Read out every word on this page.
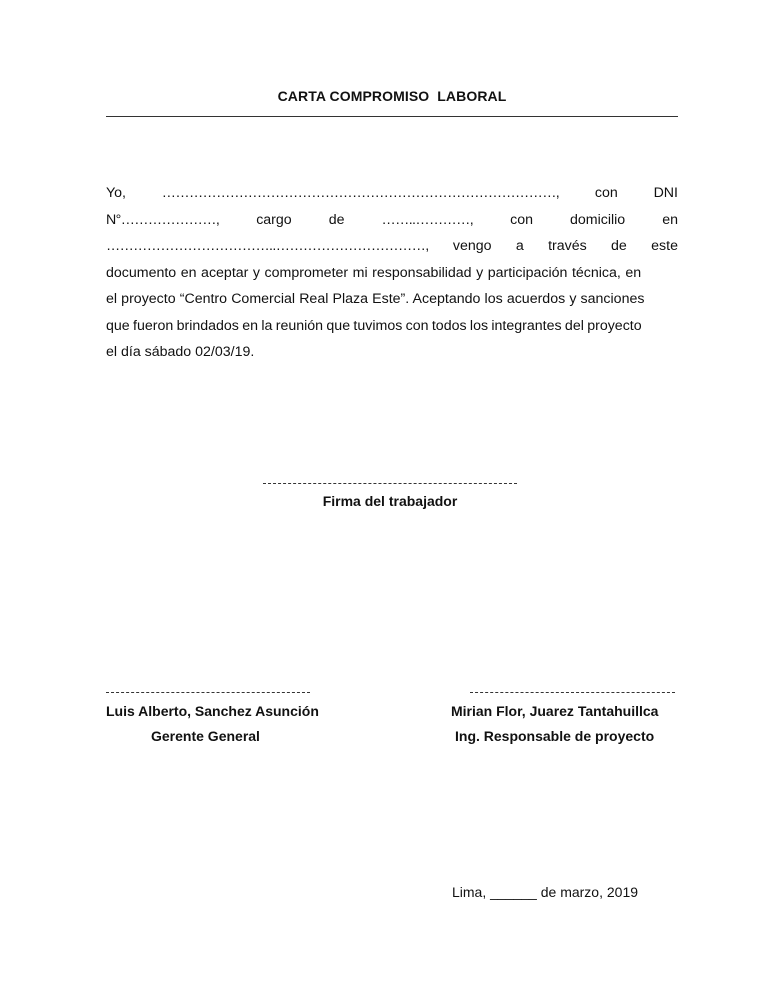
CARTA COMPROMISO  LABORAL
Yo,	……………………………………………………………………………,	con	DNI
N°…………………,	cargo	de	……..…………,	con	domicilio	en
………………………………..……………………………, vengo a través de este
documento en aceptar y comprometer mi responsabilidad y participación técnica, en
el proyecto “Centro Comercial Real Plaza Este”. Aceptando los acuerdos y sanciones
que fueron brindados en la reunión que tuvimos con todos los integrantes del proyecto
el día sábado 02/03/19.
Firma del trabajador
Luis Alberto, Sanchez Asunción
Gerente General
Mirian Flor, Juarez Tantahuillca
Ing. Responsable de proyecto
Lima, ______ de marzo, 2019
